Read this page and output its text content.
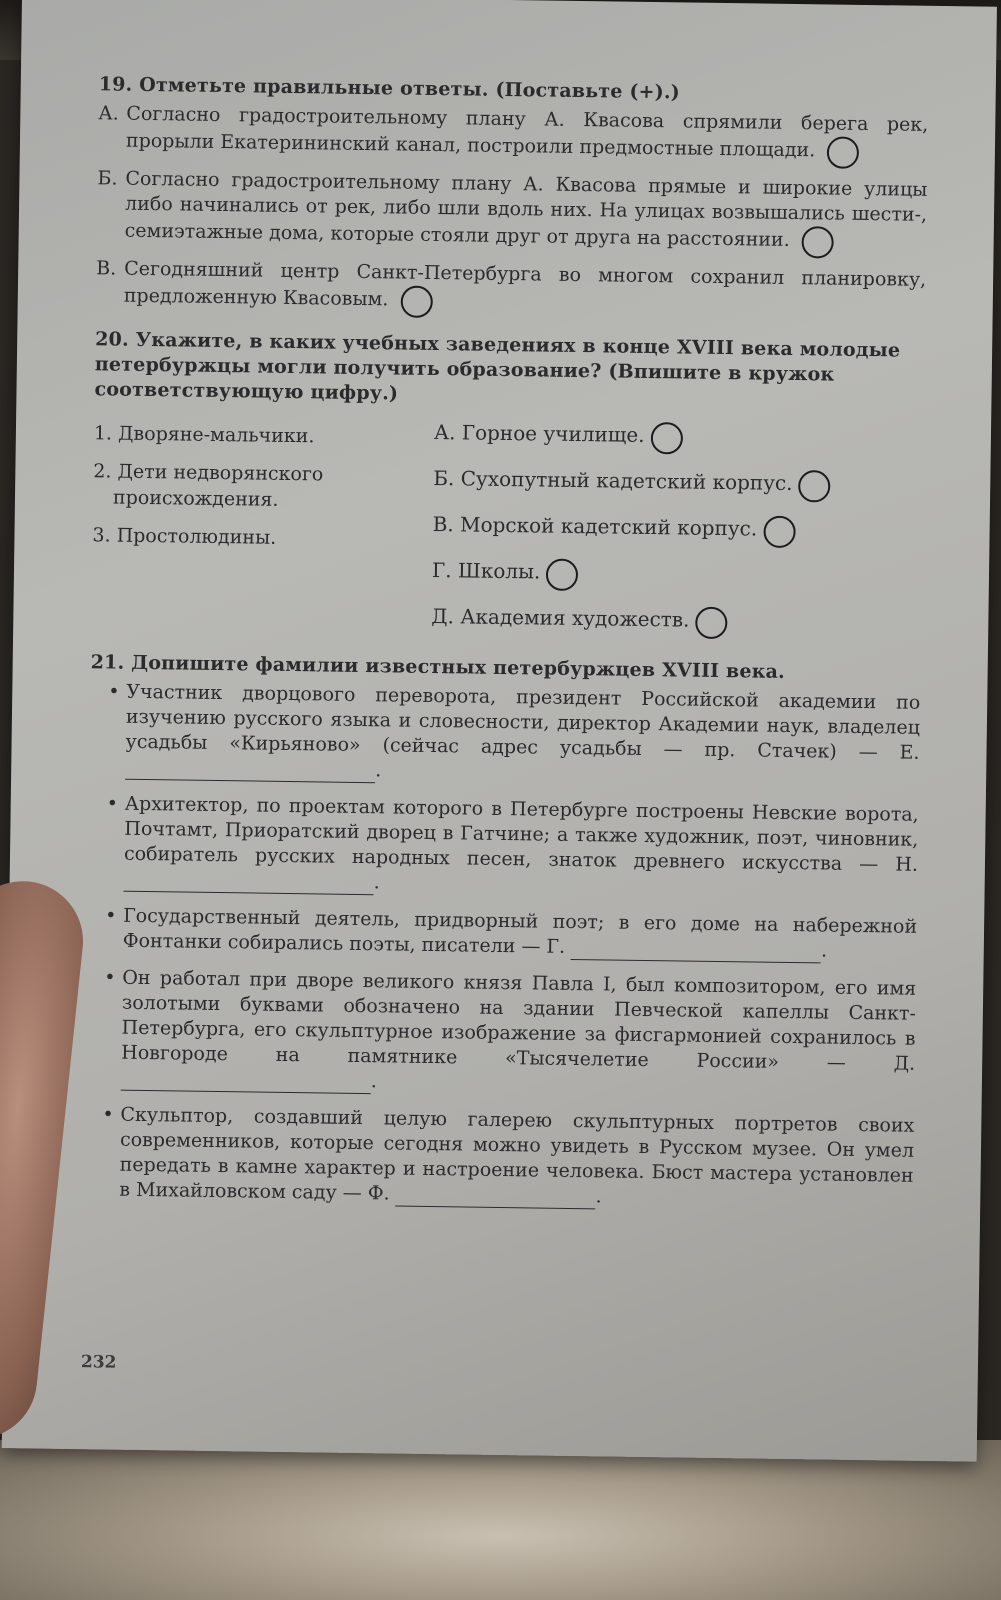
19. Отметьте правильные ответы. (Поставьте (+).)
А. Согласно градостроительному плану А. Квасова спрямили берега рек, прорыли Екатерининский канал, построили предмостные площади.
Б. Согласно градостроительному плану А. Квасова прямые и широкие улицы либо начинались от рек, либо шли вдоль них. На улицах возвышались шести-, семиэтажные дома, которые стояли друг от друга на расстоянии.
В. Сегодняшний центр Санкт-Петербурга во многом сохранил планировку, предложенную Квасовым.
20. Укажите, в каких учебных заведениях в конце XVIII века молодые петербуржцы могли получить образование? (Впишите в кружок соответствующую цифру.)
1. Дворяне-мальчики.
2. Дети недворянского происхождения.
3. Простолюдины.
А. Горное училище.
Б. Сухопутный кадетский корпус.
В. Морской кадетский корпус.
Г. Школы.
Д. Академия художеств.
21. Допишите фамилии известных петербуржцев XVIII века.
• Участник дворцового переворота, президент Российской академии по изучению русского языка и словесности, директор Академии наук, владелец усадьбы «Кирьяново» (сейчас адрес усадьбы — пр. Стачек) — Е. .
• Архитектор, по проектам которого в Петербурге построены Невские ворота, Почтамт, Приоратский дворец в Гатчине; а также художник, поэт, чиновник, собиратель русских народных песен, знаток древнего искусства — Н. .
• Государственный деятель, придворный поэт; в его доме на набережной Фонтанки собирались поэты, писатели — Г.	.
• Он работал при дворе великого князя Павла I, был композитором, его имя золотыми буквами обозначено на здании Певческой капеллы Санкт-Петербурга, его скульптурное изображение за фисгармонией сохранилось в Новгороде на памятнике «Тысячелетие России» — Д. .
• Скульптор, создавший целую галерею скульптурных портретов своих современников, которые сегодня можно увидеть в Русском музее. Он умел передать в камне характер и настроение человека. Бюст мастера установлен в Михайловском саду — Ф.	.
232
